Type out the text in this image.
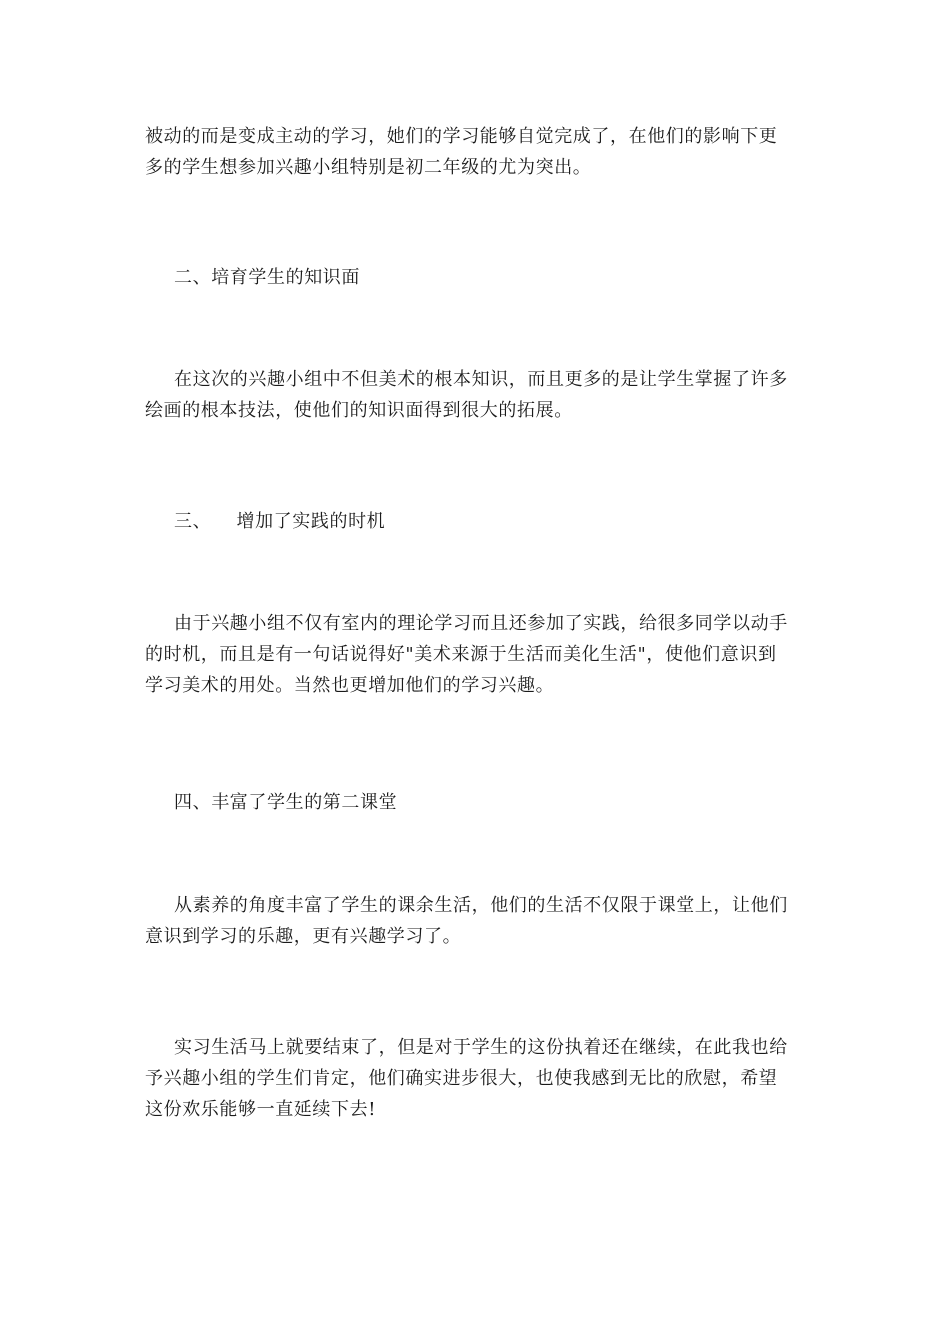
被动的而是变成主动的学习，她们的学习能够自觉完成了，在他们的影响下更
多的学生想参加兴趣小组特别是初二年级的尤为突出。
二、培育学生的知识面
在这次的兴趣小组中不但美术的根本知识，而且更多的是让学生掌握了许多
绘画的根本技法，使他们的知识面得到很大的拓展。
三、    增加了实践的时机
由于兴趣小组不仅有室内的理论学习而且还参加了实践，给很多同学以动手
的时机，而且是有一句话说得好"美术来源于生活而美化生活"，使他们意识到
学习美术的用处。当然也更增加他们的学习兴趣。
四、丰富了学生的第二课堂
从素养的角度丰富了学生的课余生活，他们的生活不仅限于课堂上，让他们
意识到学习的乐趣，更有兴趣学习了。
实习生活马上就要结束了，但是对于学生的这份执着还在继续，在此我也给
予兴趣小组的学生们肯定，他们确实进步很大，也使我感到无比的欣慰，希望
这份欢乐能够一直延续下去!
